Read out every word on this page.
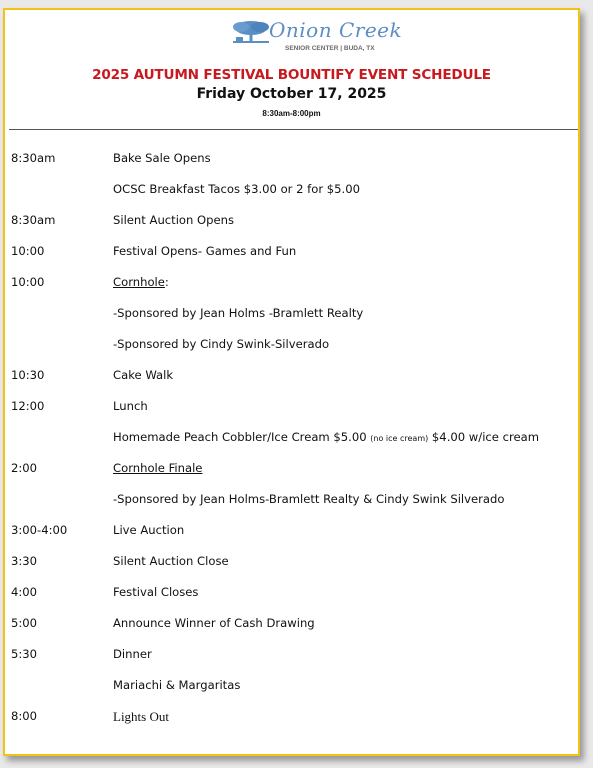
Onion Creek
SENIOR CENTER | BUDA, TX
2025 AUTUMN FESTIVAL BOUNTIFY EVENT SCHEDULE
Friday October 17, 2025
8:30am-8:00pm
8:30am	Bake Sale Opens
OCSC Breakfast Tacos $3.00 or 2 for $5.00
8:30am	Silent Auction Opens
10:00	Festival Opens- Games and Fun
10:00	Cornhole:
-Sponsored by Jean Holms -Bramlett Realty
-Sponsored by Cindy Swink-Silverado
10:30	Cake Walk
12:00	Lunch
Homemade Peach Cobbler/Ice Cream $5.00 (no ice cream) $4.00 w/ice cream
2:00	Cornhole Finale
-Sponsored by Jean Holms-Bramlett Realty & Cindy Swink Silverado
3:00-4:00	Live Auction
3:30	Silent Auction Close
4:00	Festival Closes
5:00	Announce Winner of Cash Drawing
5:30	Dinner
Mariachi & Margaritas
8:00	Lights Out
